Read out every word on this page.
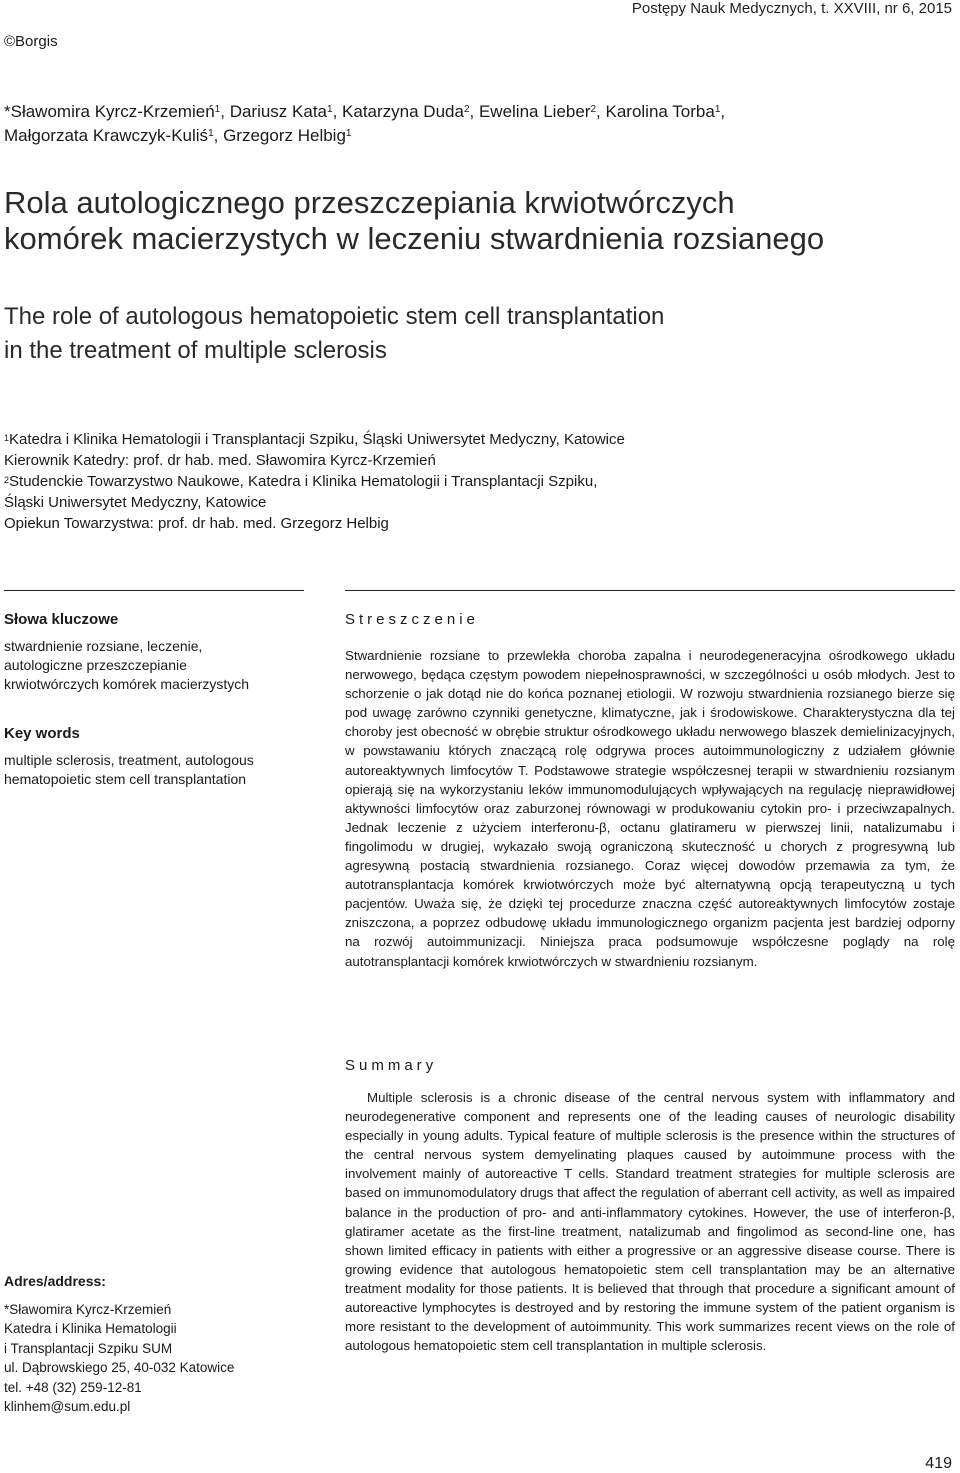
Postępy Nauk Medycznych, t. XXVIII, nr 6, 2015
©Borgis
*Sławomira Kyrcz-Krzemień$^1$, Dariusz Kata$^1$, Katarzyna Duda$^2$, Ewelina Lieber$^2$, Karolina Torba$^1$,
Małgorzata Krawczyk-Kuliś$^1$, Grzegorz Helbig$^1$
Rola autologicznego przeszczepiania krwiotwórczych
komórek macierzystych w leczeniu stwardnienia rozsianego
The role of autologous hematopoietic stem cell transplantation
in the treatment of multiple sclerosis
$^1$Katedra i Klinika Hematologii i Transplantacji Szpiku, Śląski Uniwersytet Medyczny, Katowice
Kierownik Katedry: prof. dr hab. med. Sławomira Kyrcz-Krzemień
$^2$Studenckie Towarzystwo Naukowe, Katedra i Klinika Hematologii i Transplantacji Szpiku,
Śląski Uniwersytet Medyczny, Katowice
Opiekun Towarzystwa: prof. dr hab. med. Grzegorz Helbig
Słowa kluczowe
stwardnienie rozsiane, leczenie,
autologiczne przeszczepianie
krwiotwórczych komórek macierzystych
Key words
multiple sclerosis, treatment, autologous
hematopoietic stem cell transplantation
Streszczenie

Stwardnienie rozsiane to przewlekła choroba zapalna i neurodegeneracyjna ośrodkowego układu nerwowego, będąca częstym powodem niepełnosprawności, w szczególności u osób młodych. Jest to schorzenie o jak dotąd nie do końca poznanej etiologii. W rozwoju stwardnienia rozsianego bierze się pod uwagę zarówno czynniki genetyczne, klimatyczne, jak i środowiskowe. Charakterystyczna dla tej choroby jest obecność w obrębie struktur ośrodkowego układu nerwowego blaszek demielinizacyjnych, w powstawaniu których znaczącą rolę odgrywa proces autoimmunologiczny z udziałem głównie autoreaktywnych limfocytów T. Podstawowe strategie współczesnej terapii w stwardnieniu rozsianym opierają się na wykorzystaniu leków immunomodulujących wpływających na regulację nieprawidłowej aktywności limfocytów oraz zaburzonej równowagi w produkowaniu cytokin pro- i przeciwzapalnych. Jednak leczenie z użyciem interferonu-β, octanu glatirameru w pierwszej linii, natalizumabu i fingolimodu w drugiej, wykazało swoją ograniczoną skuteczność u chorych z progresywną lub agresywną postacią stwardnienia rozsianego. Coraz więcej dowodów przemawia za tym, że autotransplantacja komórek krwiotwórczych może być alternatywną opcją terapeutyczną u tych pacjentów. Uważa się, że dzięki tej procedurze znaczna część autoreaktywnych limfocytów zostaje zniszczona, a poprzez odbudowę układu immunologicznego organizm pacjenta jest bardziej odporny na rozwój autoimmunizacji. Niniejsza praca podsumowuje współczesne poglądy na rolę autotransplantacji komórek krwiotwórczych w stwardnieniu rozsianym.

Summary

Multiple sclerosis is a chronic disease of the central nervous system with inflammatory and neurodegenerative component and represents one of the leading causes of neurologic disability especially in young adults. Typical feature of multiple sclerosis is the presence within the structures of the central nervous system demyelinating plaques caused by autoimmune process with the involvement mainly of autoreactive T cells. Standard treatment strategies for multiple sclerosis are based on immunomodulatory drugs that affect the regulation of aberrant cell activity, as well as impaired balance in the production of pro- and anti-inflammatory cytokines. However, the use of interferon-β, glatiramer acetate as the first-line treatment, natalizumab and fingolimod as second-line one, has shown limited efficacy in patients with either a progressive or an aggressive disease course. There is growing evidence that autologous hematopoietic stem cell transplantation may be an alternative treatment modality for those patients. It is believed that through that procedure a significant amount of autoreactive lymphocytes is destroyed and by restoring the immune system of the patient organism is more resistant to the development of autoimmunity. This work summarizes recent views on the role of autologous hematopoietic stem cell transplantation in multiple sclerosis.

Adres/address:
*Sławomira Kyrcz-Krzemień
Katedra i Klinika Hematologii
i Transplantacji Szpiku SUM
ul. Dąbrowskiego 25, 40-032 Katowice
tel. +48 (32) 259-12-81
klinhem@sum.edu.pl
419
